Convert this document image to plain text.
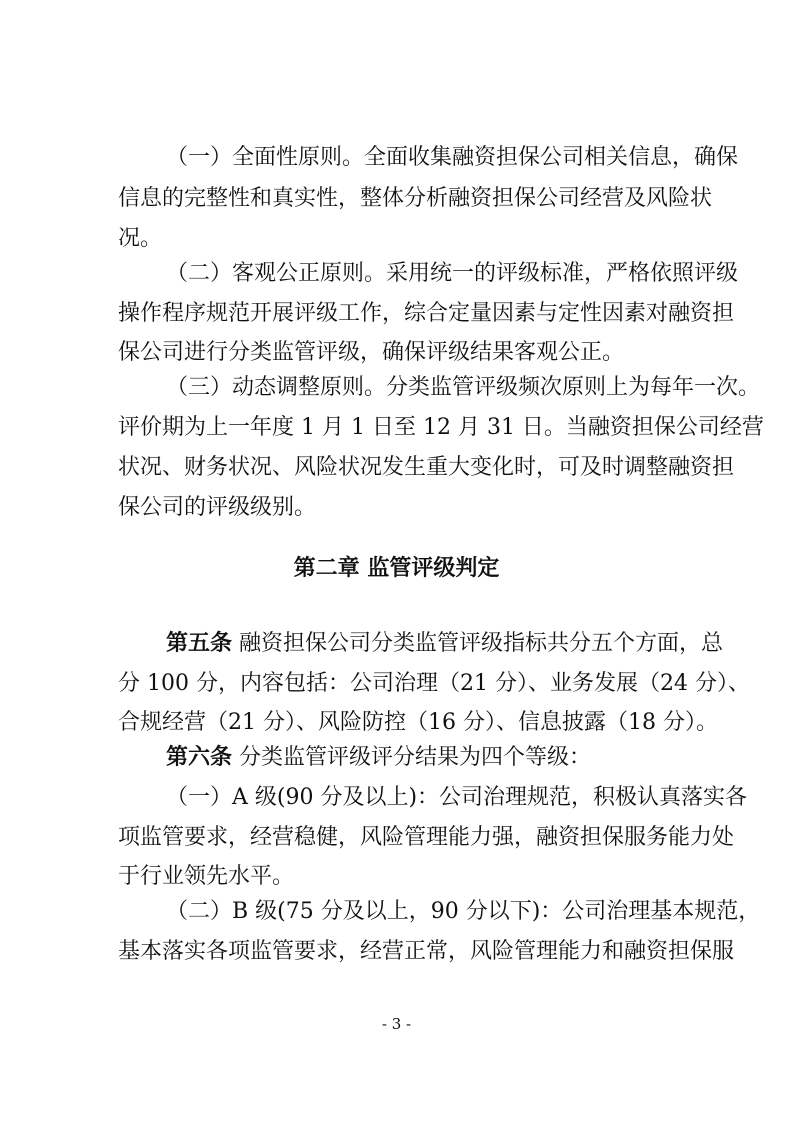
（一）全面性原则。全面收集融资担保公司相关信息，确保
信息的完整性和真实性，整体分析融资担保公司经营及风险状
况。
（二）客观公正原则。采用统一的评级标准，严格依照评级
操作程序规范开展评级工作，综合定量因素与定性因素对融资担
保公司进行分类监管评级，确保评级结果客观公正。
（三）动态调整原则。分类监管评级频次原则上为每年一次。
评价期为上一年度 1 月 1 日至 12 月 31 日。当融资担保公司经营
状况、财务状况、风险状况发生重大变化时，可及时调整融资担
保公司的评级级别。
第二章 监管评级判定
第五条 融资担保公司分类监管评级指标共分五个方面，总
分 100 分，内容包括：公司治理（21 分）、业务发展（24 分）、
合规经营（21 分）、风险防控（16 分）、信息披露（18 分）。
第六条 分类监管评级评分结果为四个等级：
（一）A 级(90 分及以上)：公司治理规范，积极认真落实各
项监管要求，经营稳健，风险管理能力强，融资担保服务能力处
于行业领先水平。
（二）B 级(75 分及以上，90 分以下)：公司治理基本规范，
基本落实各项监管要求，经营正常，风险管理能力和融资担保服
- 3 -
